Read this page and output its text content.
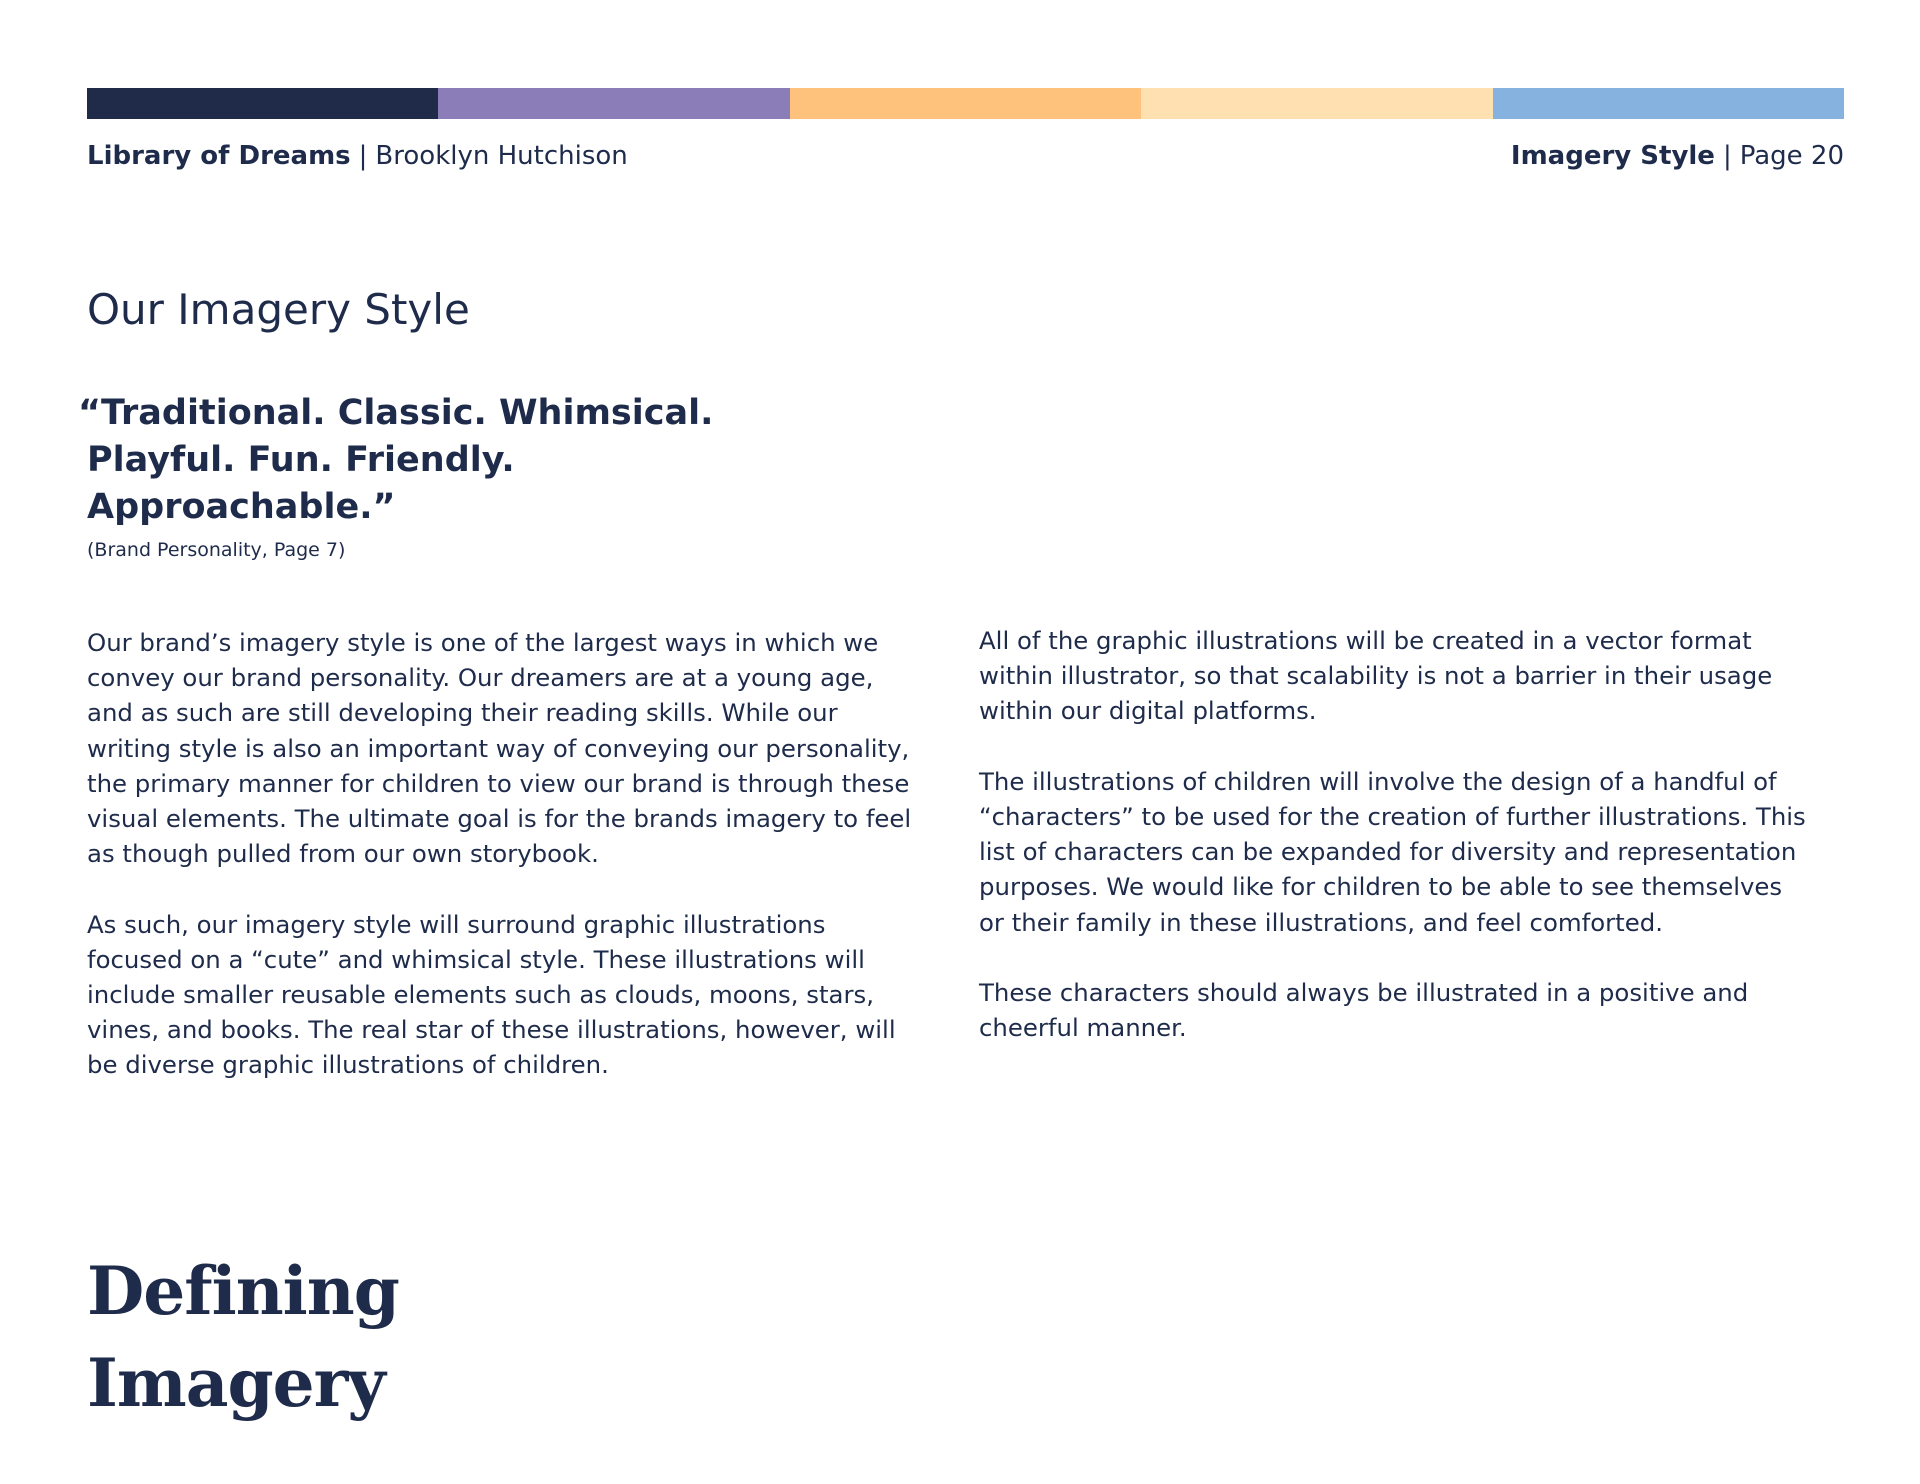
Library of Dreams | Brooklyn Hutchison	Imagery Style | Page 20
Our Imagery Style
“Traditional. Classic. Whimsical.
Playful. Fun. Friendly.
Approachable.”
(Brand Personality, Page 7)

Our brand’s imagery style is one of the largest ways in which we
convey our brand personality. Our dreamers are at a young age,
and as such are still developing their reading skills. While our
writing style is also an important way of conveying our personality,
the primary manner for children to view our brand is through these
visual elements. The ultimate goal is for the brands imagery to feel
as though pulled from our own storybook.

As such, our imagery style will surround graphic illustrations
focused on a “cute” and whimsical style. These illustrations will
include smaller reusable elements such as clouds, moons, stars,
vines, and books. The real star of these illustrations, however, will
be diverse graphic illustrations of children.

All of the graphic illustrations will be created in a vector format
within illustrator, so that scalability is not a barrier in their usage
within our digital platforms.

The illustrations of children will involve the design of a handful of
“characters” to be used for the creation of further illustrations. This
list of characters can be expanded for diversity and representation
purposes. We would like for children to be able to see themselves
or their family in these illustrations, and feel comforted.

These characters should always be illustrated in a positive and
cheerful manner.

Defining
Imagery
